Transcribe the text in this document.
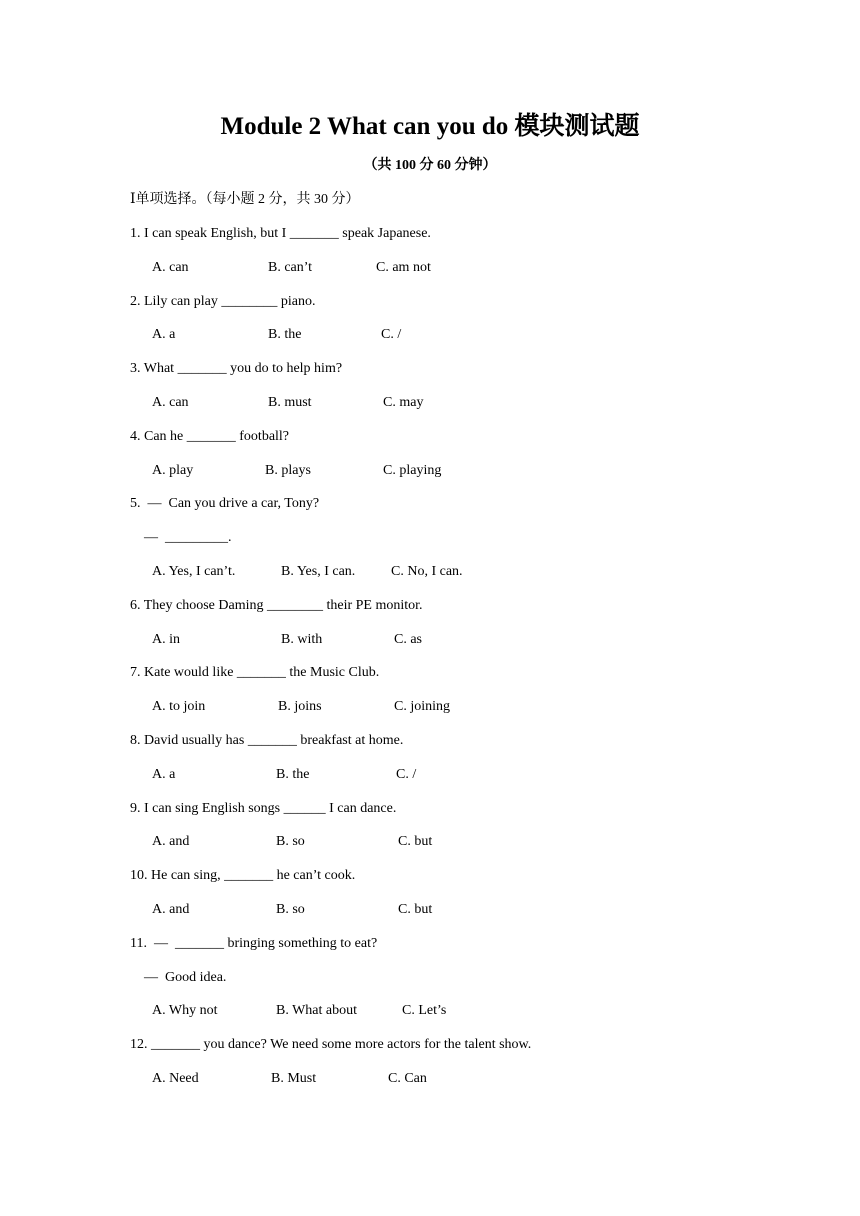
Module 2 What can you do 模块测试题
（共 100 分 60 分钟）
Ⅰ单项选择。（每小题 2 分，共 30 分）
1. I can speak English, but I _______ speak Japanese.
A. can	B. can’t	C. am not
2. Lily can play ________ piano.
A. a	B. the	C. /
3. What _______ you do to help him?
A. can	B. must	C. may
4. Can he _______ football?
A. play	B. plays	C. playing
5.  —  Can you drive a car, Tony?
—  _________.
A. Yes, I can’t.	B. Yes, I can.	C. No, I can.
6. They choose Daming ________ their PE monitor.
A. in	B. with	C. as
7. Kate would like _______ the Music Club.
A. to join	B. joins	C. joining
8. David usually has _______ breakfast at home.
A. a	B. the	C. /
9. I can sing English songs ______ I can dance.
A. and	B. so	C. but
10. He can sing, _______ he can’t cook.
A. and	B. so	C. but
11.  —  _______ bringing something to eat?
—  Good idea.
A. Why not	B. What about	C. Let’s
12. _______ you dance? We need some more actors for the talent show.
A. Need	B. Must	C. Can
